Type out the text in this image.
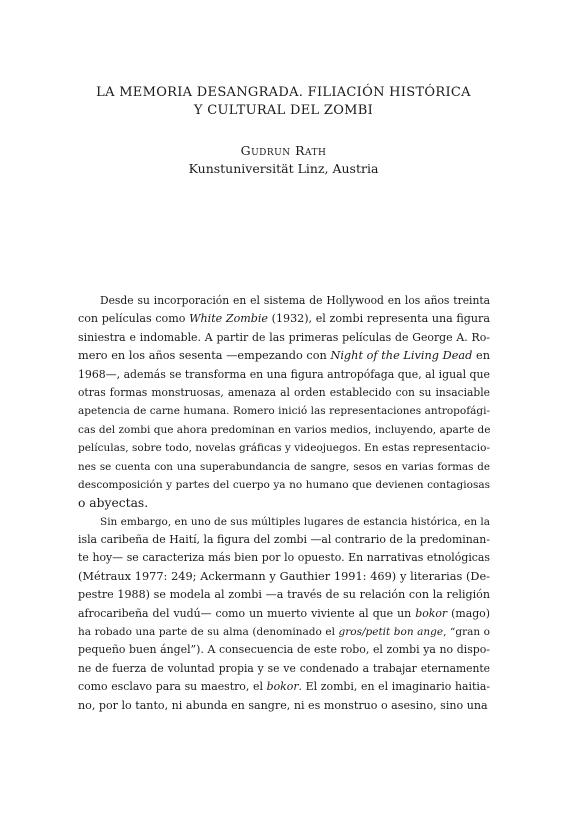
LA MEMORIA DESANGRADA. FILIACIÓN HISTÓRICA
Y CULTURAL DEL ZOMBI
Gudrun Rath
Kunstuniversität Linz, Austria
Desde su incorporación en el sistema de Hollywood en los años treinta
con películas como White Zombie (1932), el zombi representa una figura
siniestra e indomable. A partir de las primeras películas de George A. Ro-
mero en los años sesenta —empezando con Night of the Living Dead en
1968—, además se transforma en una figura antropófaga que, al igual que
otras formas monstruosas, amenaza al orden establecido con su insaciable
apetencia de carne humana. Romero inició las representaciones antropofági-
cas del zombi que ahora predominan en varios medios, incluyendo, aparte de
películas, sobre todo, novelas gráficas y videojuegos. En estas representacio-
nes se cuenta con una superabundancia de sangre, sesos en varias formas de
descomposición y partes del cuerpo ya no humano que devienen contagiosas
o abyectas.
Sin embargo, en uno de sus múltiples lugares de estancia histórica, en la
isla caribeña de Haití, la figura del zombi —al contrario de la predominan-
te hoy— se caracteriza más bien por lo opuesto. En narrativas etnológicas
(Métraux 1977: 249; Ackermann y Gauthier 1991: 469) y literarias (De-
pestre 1988) se modela al zombi —a través de su relación con la religión
afrocaribeña del vudú— como un muerto viviente al que un bokor (mago)
ha robado una parte de su alma (denominado el gros/petit bon ange, “gran o
pequeño buen ángel”). A consecuencia de este robo, el zombi ya no dispo-
ne de fuerza de voluntad propia y se ve condenado a trabajar eternamente
como esclavo para su maestro, el bokor. El zombi, en el imaginario haitia-
no, por lo tanto, ni abunda en sangre, ni es monstruo o asesino, sino una
